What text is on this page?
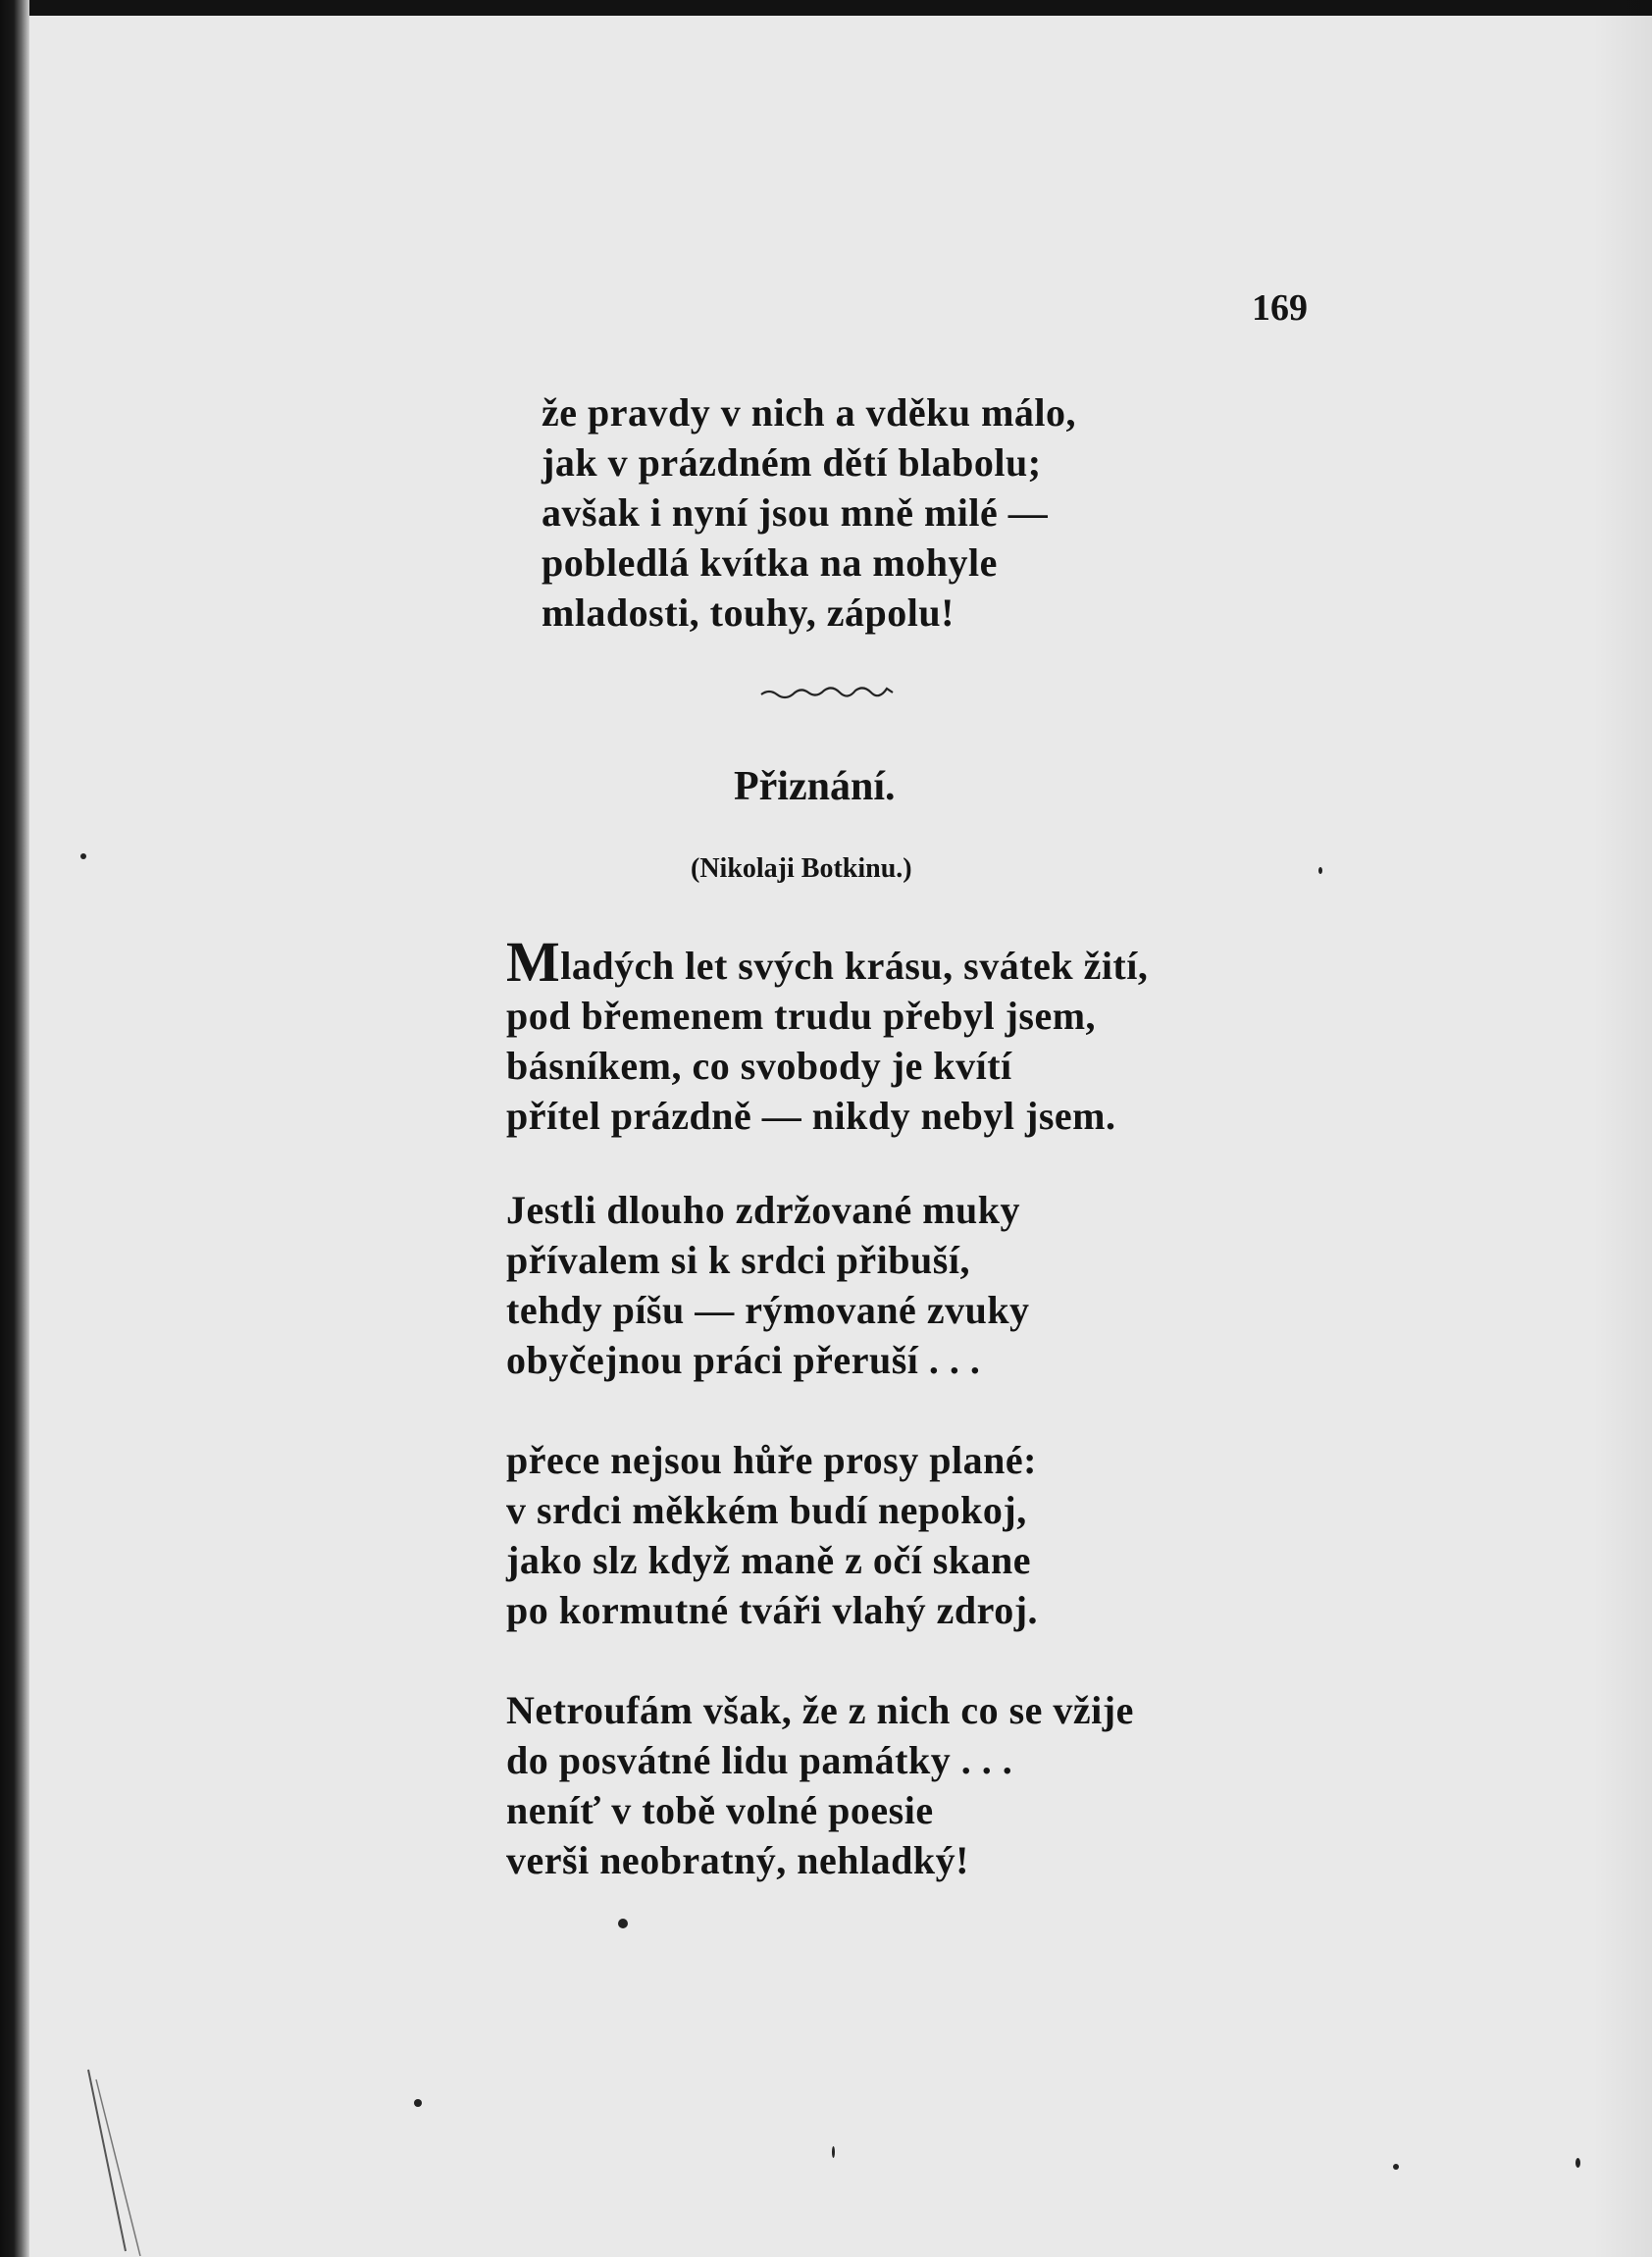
169
že pravdy v nich a vděku málo,
jak v prázdném dětí blabolu;
avšak i nyní jsou mně milé —
pobledlá kvítka na mohyle
mladosti, touhy, zápolu!
Přiznání.
(Nikolaji Botkinu.)
Mladých let svých krásu, svátek žití,
pod břemenem trudu přebyl jsem,
básníkem, co svobody je kvítí
přítel prázdně — nikdy nebyl jsem.
Jestli dlouho zdržované muky
přívalem si k srdci přibuší,
tehdy píšu — rýmované zvuky
obyčejnou práci přeruší . . .
přece nejsou hůře prosy plané:
v srdci měkkém budí nepokoj,
jako slz když maně z očí skane
po kormutné tváři vlahý zdroj.
Netroufám však, že z nich co se vžije
do posvátné lidu památky . . .
neníť v tobě volné poesie
verši neobratný, nehladký!
